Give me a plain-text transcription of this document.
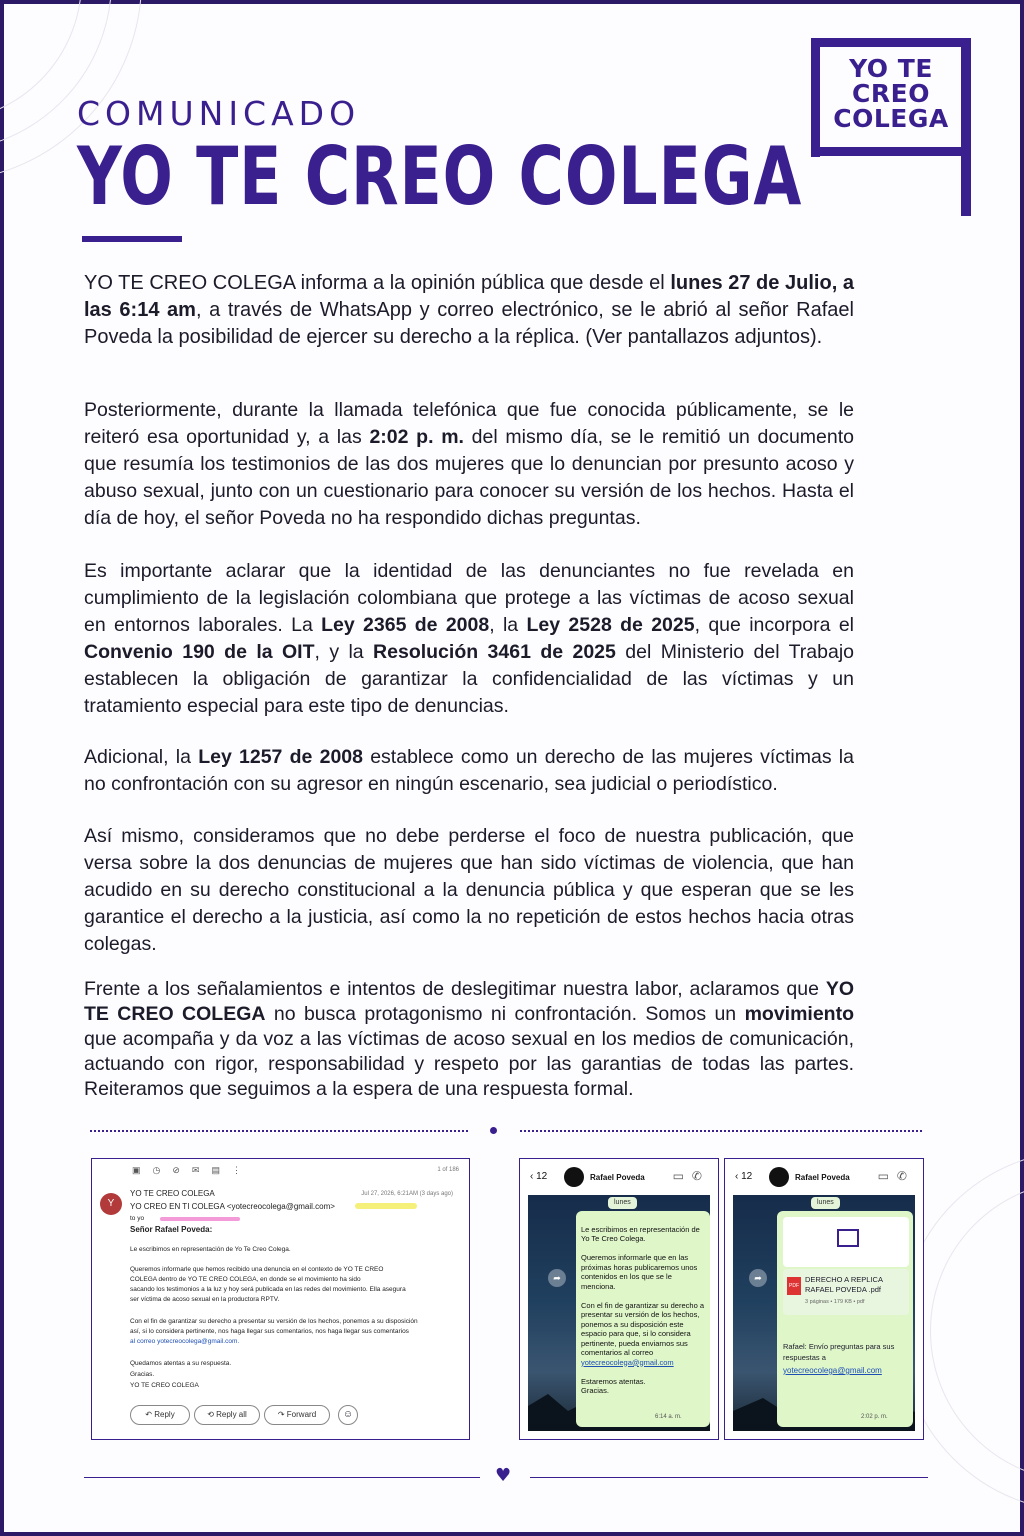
COMUNICADO
YO TE CREO COLEGA
YO TE
CREO
COLEGA
YO TE CREO COLEGA informa a la opinión pública que desde el lunes 27 de Julio, a las 6:14 am, a través de WhatsApp y correo electrónico, se le abrió al señor Rafael Poveda la posibilidad de ejercer su derecho a la réplica. (Ver pantallazos adjuntos).
Posteriormente, durante la llamada telefónica que fue conocida públicamente, se le reiteró esa oportunidad y, a las 2:02 p. m. del mismo día, se le remitió un documento que resumía los testimonios de las dos mujeres que lo denuncian por presunto acoso y abuso sexual, junto con un cuestionario para conocer su versión de los hechos. Hasta el día de hoy, el señor Poveda no ha respondido dichas preguntas.
Es importante aclarar que la identidad de las denunciantes no fue revelada en cumplimiento de la legislación colombiana que protege a las víctimas de acoso sexual en entornos laborales. La Ley 2365 de 2008, la Ley 2528 de 2025, que incorpora el Convenio 190 de la OIT, y la Resolución 3461 de 2025 del Ministerio del Trabajo establecen la obligación de garantizar la confidencialidad de las víctimas y un tratamiento especial para este tipo de denuncias.
Adicional, la Ley 1257 de 2008 establece como un derecho de las mujeres víctimas la no confrontación con su agresor en ningún escenario, sea judicial o periodístico.
Así mismo, consideramos que no debe perderse el foco de nuestra publicación, que versa sobre la dos denuncias de mujeres que han sido víctimas de violencia, que han acudido en su derecho constitucional a la denuncia pública y que esperan que se les garantice el derecho a la justicia, así como la no repetición de estos hechos hacia otras colegas.
Frente a los señalamientos e intentos de deslegitimar nuestra labor, aclaramos que YO TE CREO COLEGA no busca protagonismo ni confrontación. Somos un movimiento que acompaña y da voz a las víctimas de acoso sexual en los medios de comunicación, actuando con rigor, responsabilidad y respeto por las garantias de todas las partes. Reiteramos que seguimos a la espera de una respuesta formal.
▣◷⊘✉▤⋮	1 of 186
Y
YO TE CREO COLEGA
YO CREO EN TI COLEGA <yotecreocolega@gmail.com>
to yo
Jul 27, 2026, 6:21AM (3 days ago)
Señor Rafael Poveda:
Le escribimos en representación de Yo Te Creo Colega.
Queremos informarle que hemos recibido una denuncia en el contexto de YO TE CREO
COLEGA dentro de YO TE CREO COLEGA, en donde se el movimiento ha sido
sacando los testimonios a la luz y hoy será publicada en las redes del movimiento. Ella asegura
ser víctima de acoso sexual en la productora RPTV.
Con el fin de garantizar su derecho a presentar su versión de los hechos, ponemos a su disposición
así, si lo considera pertinente, nos haga llegar sus comentarios, nos haga llegar sus comentarios
al correo yotecreocolega@gmail.com.
Quedamos atentas a su respuesta.
Gracias.
YO TE CREO COLEGA
↶ Reply	⟲ Reply all	↷ Forward	☺
‹ 12	Rafael Poveda ▭✆
lunes
➦

Le escribimos en representación de Yo Te Creo Colega.

Queremos informarle que en las próximas horas publicaremos unos contenidos en los que se le menciona.

Con el fin de garantizar su derecho a presentar su versión de los hechos, ponemos a su disposición este espacio para que, si lo considera pertinente, pueda enviarnos sus comentarios al correo
yotecreocolega@gmail.com

Estaremos atentas.
Gracias.

6:14 a. m.
‹ 12	Rafael Poveda ▭✆
lunes
➦

PDF
DERECHO A REPLICA RAFAEL POVEDA .pdf
3 páginas • 179 KB • pdf
Rafael: Envío preguntas para sus respuestas a
yotecreocolega@gmail.com
2:02 p. m.
♥
